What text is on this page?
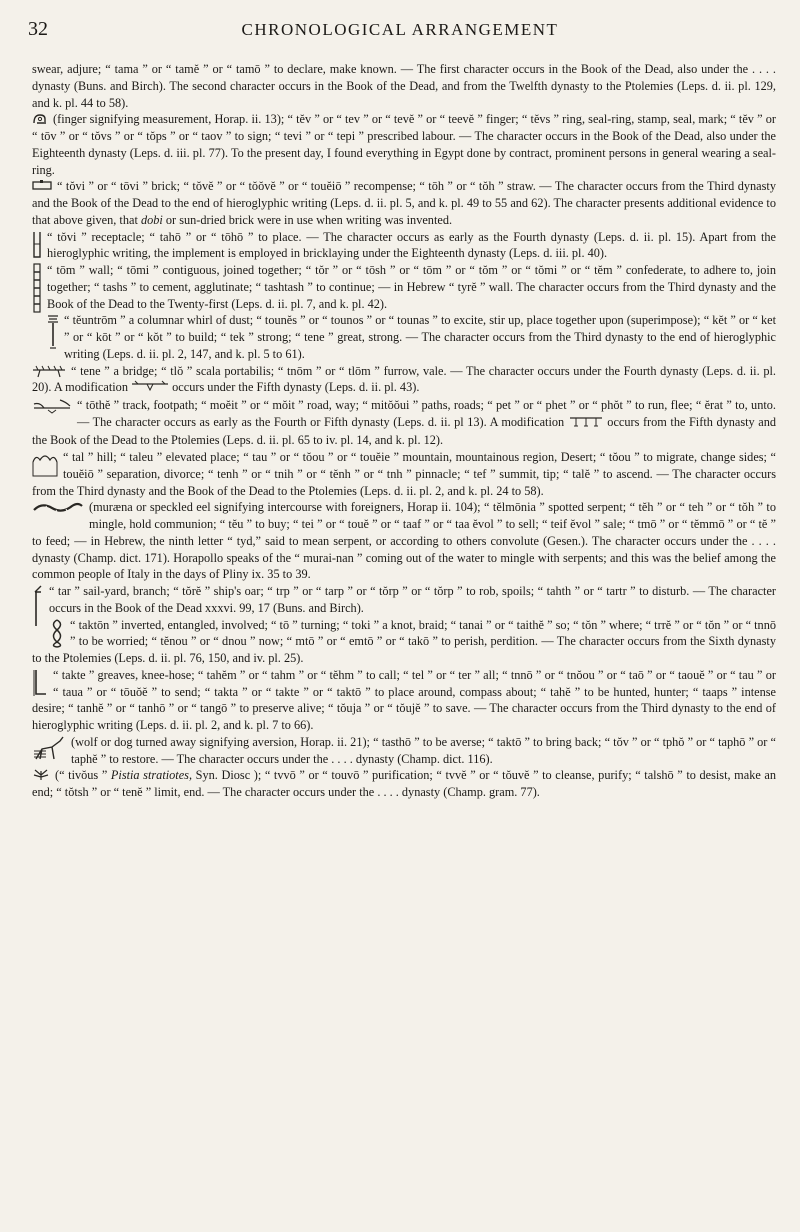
32	CHRONOLOGICAL ARRANGEMENT

swear, adjure; “ tama ” or “ tamĕ ” or “ tamō ” to declare, make known. — The first character occurs in the Book of the Dead, also under the . . . . dynasty (Buns. and Birch). The second character occurs in the Book of the Dead, and from the Twelfth dynasty to the Ptolemies (Leps. d. ii. pl. 129, and k. pl. 44 to 58).

(finger signifying measurement, Horap. ii. 13); “ tĕv ” or “ tev ” or “ tevĕ ” or “ teevĕ ” finger; “ tĕvs ” ring, seal-ring, stamp, seal, mark; “ tĕv ” or “ tōv ” or “ tŏvs ” or “ tŏps ” or “ taov ” to sign; “ tevi ” or “ tepi ” prescribed labour. — The character occurs in the Book of the Dead, also under the Eighteenth dynasty (Leps. d. iii. pl. 77). To the present day, I found everything in Egypt done by contract, prominent persons in general wearing a seal-ring.

“ tŏvi ” or “ tōvi ” brick; “ tŏvĕ ” or “ tŏŏvĕ ” or “ touĕiō ” recompense; “ tōh ” or “ tŏh ” straw. — The character occurs from the Third dynasty and the Book of the Dead to the end of hieroglyphic writing (Leps. d. ii. pl. 5, and k. pl. 49 to 55 and 62). The character presents additional evidence to that above given, that dobi or sun-dried brick were in use when writing was invented.

“ tŏvi ” receptacle; “ tahō ” or “ tōhō ” to place. — The character occurs as early as the Fourth dynasty (Leps. d. ii. pl. 15). Apart from the hieroglyphic writing, the implement is employed in bricklaying under the Eighteenth dynasty (Leps. d. iii. pl. 40).

“ tōm ” wall; “ tōmi ” contiguous, joined together; “ tŏr ” or “ tōsh ” or “ tōm ” or “ tŏm ” or “ tŏmi ” or “ tĕm ” confederate, to adhere to, join together; “ tashs ” to cement, agglutinate; “ tashtash ” to continue; — in Hebrew “ tyrĕ ” wall. The character occurs from the Third dynasty and the Book of the Dead to the Twenty-first (Leps. d. ii. pl. 7, and k. pl. 42).

“ tĕuntrōm ” a columnar whirl of dust; “ tounĕs ” or “ tounos ” or “ tounas ” to excite, stir up, place together upon (superimpose); “ kĕt ” or “ ket ” or “ kōt ” or “ kŏt ” to build; “ tek ” strong; “ tene ” great, strong. — The character occurs from the Third dynasty to the end of hieroglyphic writing (Leps. d. ii. pl. 2, 147, and k. pl. 5 to 61).

“ tene ” a bridge; “ tlŏ ” scala portabilis; “ tnōm ” or “ tlōm ” furrow, vale. — The character occurs under the Fourth dynasty (Leps. d. ii. pl. 20). A modification	occurs under the Fifth dynasty (Leps. d. ii. pl. 43).

“ tōthĕ ” track, footpath; “ moĕit ” or “ mŏit ” road, way; “ mitŏŏui ” paths, roads; “ pet ” or “ phet ” or “ phŏt ” to run, flee; “ ĕrat ” to, unto. — The character occurs as early as the Fourth or Fifth dynasty (Leps. d. ii. pl 13). A modification	occurs from the Fifth dynasty and the Book of the Dead to the Ptolemies (Leps. d. ii. pl. 65 to iv. pl. 14, and k. pl. 12).

“ tal ” hill; “ taleu ” elevated place; “ tau ” or “ tŏou ” or “ touĕie ” mountain, mountainous region, Desert; “ tŏou ” to migrate, change sides; “ touĕiō ” separation, divorce; “ tenh ” or “ tnih ” or “ tĕnh ” or “ tnh ” pinnacle; “ tef ” summit, tip; “ talĕ ” to ascend. — The character occurs from the Third dynasty and the Book of the Dead to the Ptolemies (Leps. d. ii. pl. 2, and k. pl. 24 to 58).

(muræna or speckled eel signifying intercourse with foreigners, Horap ii. 104); “ tĕlmōnia ” spotted serpent; “ tĕh ” or “ teh ” or “ tŏh ” to mingle, hold communion; “ tĕu ” to buy; “ tei ” or “ touĕ ” or “ taaf ” or “ taa ĕvol ” to sell; “ teif ĕvol ” sale; “ tmō ” or “ tĕmmō ” or “ tĕ ” to feed; — in Hebrew, the ninth letter “ tyd,” said to mean serpent, or according to others convolute (Gesen.). The character occurs under the . . . . dynasty (Champ. dict. 171). Horapollo speaks of the “ murai-nan ” coming out of the water to mingle with serpents; and this was the belief among the common people of Italy in the days of Pliny ix. 35 to 39.

“ tar ” sail-yard, branch; “ tŏrĕ ” ship's oar; “ trp ” or “ tarp ” or “ tŏrp ” or “ tŏrp ” to rob, spoils; “ tahth ” or “ tartr ” to disturb. — The character occurs in the Book of the Dead xxxvi. 99, 17 (Buns. and Birch).

“ taktōn ” inverted, entangled, involved; “ tō ” turning; “ toki ” a knot, braid; “ tanai ” or “ taithĕ ” so; “ tŏn ” where; “ trrĕ ” or “ tŏn ” or “ tnnō ” to be worried; “ tĕnou ” or “ dnou ” now; “ mtō ” or “ emtō ” or “ takō ” to perish, perdition. — The character occurs from the Sixth dynasty to the Ptolemies (Leps. d. ii. pl. 76, 150, and iv. pl. 25).

“ takte ” greaves, knee-hose; “ tahĕm ” or “ tahm ” or “ tĕhm ” to call; “ tel ” or “ ter ” all; “ tnnō ” or “ tnŏou ” or “ taō ” or “ taouĕ ” or “ tau ” or “ taua ” or “ tōuŏĕ ” to send; “ takta ” or “ takte ” or “ taktō ” to place around, compass about; “ tahĕ ” to be hunted, hunter; “ taaps ” intense desire; “ tanhĕ ” or “ tanhō ” or “ tangō ” to preserve alive; “ tŏuja ” or “ tŏujĕ ” to save. — The character occurs from the Third dynasty to the end of hieroglyphic writing (Leps. d. ii. pl. 2, and k. pl. 7 to 66).

(wolf or dog turned away signifying aversion, Horap. ii. 21); “ tasthō ” to be averse; “ taktō ” to bring back; “ tŏv ” or “ tphŏ ” or “ taphō ” or “ taphĕ ” to restore. — The character occurs under the . . . . dynasty (Champ. dict. 116).

(“ tivŏus ” Pistia stratiotes, Syn. Diosc ); “ tvvō ” or “ touvō ” purification; “ tvvĕ ” or “ tŏuvĕ ” to cleanse, purify; “ talshō ” to desist, make an end; “ tŏtsh ” or “ tenĕ ” limit, end. — The character occurs under the . . . . dynasty (Champ. gram. 77).
